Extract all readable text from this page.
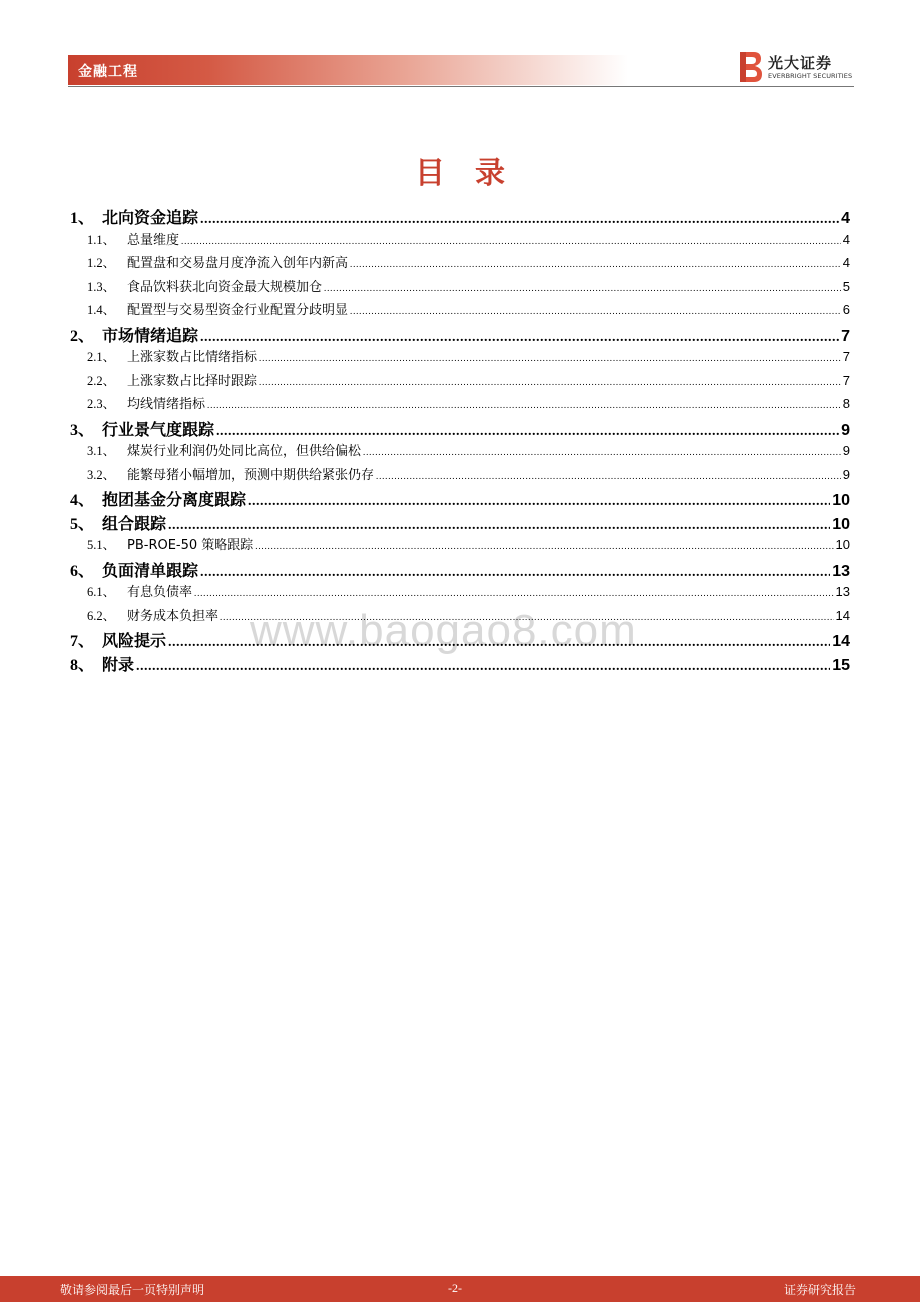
金融工程	光大证券
EVERBRIGHT SECURITIES
目录
www.baogao8.com
1、 北向资金追踪 .....	4
1.1、 总量维度 .....	4
1.2、 配置盘和交易盘月度净流入创年内新高 .....	4
1.3、 食品饮料获北向资金最大规模加仓 .....	5
1.4、 配置型与交易型资金行业配置分歧明显 .....	6
2、 市场情绪追踪 .....	7
2.1、 上涨家数占比情绪指标 .....	7
2.2、 上涨家数占比择时跟踪 .....	7
2.3、 均线情绪指标 .....	8
3、 行业景气度跟踪 .....	9
3.1、 煤炭行业利润仍处同比高位，但供给偏松 .....	9
3.2、 能繁母猪小幅增加，预测中期供给紧张仍存 .....	9
4、 抱团基金分离度跟踪 .....	10
5、 组合跟踪 .....	10
5.1、 PB-ROE-50 策略跟踪 .....	10
6、 负面清单跟踪 .....	13
6.1、 有息负债率 .....	13
6.2、 财务成本负担率 .....	14
7、 风险提示 .....	14
8、 附录 .....	15
敬请参阅最后一页特别声明	-2-	证券研究报告
